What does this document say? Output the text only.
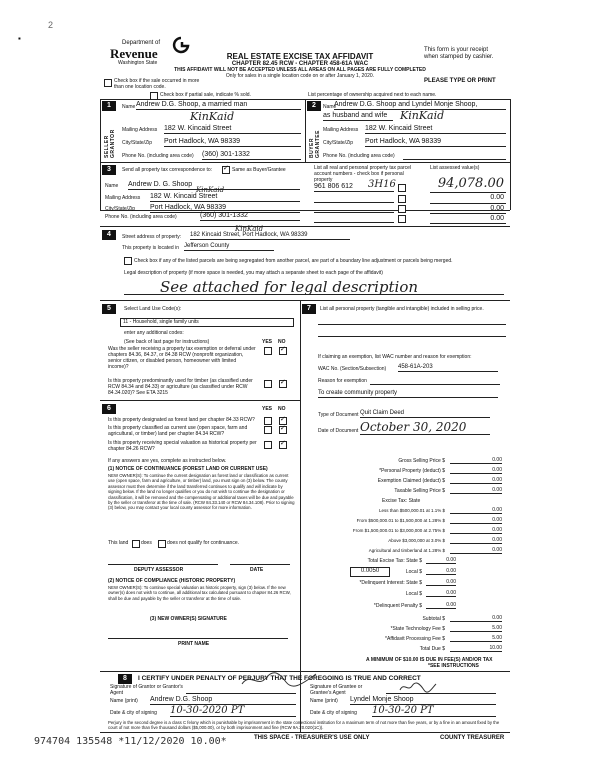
2
▪	Department of
Revenue
Washington State
REAL ESTATE EXCISE TAX AFFIDAVIT
CHAPTER 82.45 RCW - CHAPTER 458-61A WAC
THIS AFFIDAVIT WILL NOT BE ACCEPTED UNLESS ALL AREAS ON ALL PAGES ARE FULLY COMPLETED
Only for sales in a single location code on or after January 1, 2020.
This form is your receipt when stamped by cashier.
PLEASE TYPE OR PRINT
Check box if the sale occurred in more than one location code.
Check box if partial sale, indicate % sold.	List percentage of ownership acquired next to each name.
1
SELLER GRANTOR
Name Andrew D.G. Shoop, a married man
KinKaid
Mailing Address 182 W. Kincaid Street
City/State/Zip Port Hadlock, WA 98339
Phone No. (including area code) (360) 301-1332
2
BUYER GRANTEE
Name
Andrew D.G. Shoop and Lyndel Monje Shoop,
as husband and wife	KinKaid
Mailing Address 182 W. Kincaid Street
City/State/Zip Port Hadlock, WA 98339
Phone No. (including area code)
3	Send all property tax correspondence to: ✓	Same as Buyer/Grantee
Name Andrew D. G. Shoop
KinKaid
Mailing Address 182 W. Kincaid Street
City/State/Zip Port Hadlock, WA 98339
Phone No. (including area code)	(360) 301-1332
List all real and personal property tax parcel account numbers - check box if personal property
List assessed value(s)
961 806 612	3H16	94,078.00
0.00
0.00
0.00
4	Street address of property: 182 Kincaid Street, Port Hadlock, WA 98339
KinKaid
This property is located in Jefferson County
Check box if any of the listed parcels are being segregated from another parcel, are part of a boundary line adjustment or parcels being merged.
Legal description of property (if more space is needed, you may attach a separate sheet to each page of the affidavit)
See attached for legal description
5	Select Land Use Code(s):
11 - Household, single family units
enter any additional codes:
(See back of last page for instructions)	YES NO
Was the seller receiving a property tax exemption or deferral under chapters 84.36, 84.37, or 84.38 RCW (nonprofit organization, senior citizen, or disabled person, homeowner with limited income)?
✓
Is this property predominantly used for timber (as classified under RCW 84.34 and 84.33) or agriculture (as classified under RCW 84.34.020)? See ETA 3215
✓
7	List all personal property (tangible and intangible) included in selling price.
If claiming an exemption, list WAC number and reason for exemption:
WAC No. (Section/Subsection) 458-61A-203
Reason for exemption
To create community property
6	YES NO
Is this property designated as forest land per chapter 84.33 RCW?
✓
Is this property classified as current use (open space, farm and agricultural, or timber) land per chapter 84.34 RCW?
✓
Is this property receiving special valuation as historical property per chapter 84.26 RCW?
✓
If any answers are yes, complete as instructed below.
(1) NOTICE OF CONTINUANCE (FOREST LAND OR CURRENT USE)
NEW OWNER(S): To continue the current designation as forest land or classification as current use (open space, farm and agriculture, or timber) land, you must sign on (3) below. The county assessor must then determine if the land transferred continues to qualify and will indicate by signing below. If the land no longer qualifies or you do not wish to continue the designation or classification, it will be removed and the compensating or additional taxes will be due and payable by the seller or transferor at the time of sale. (RCW 84.33.140 or RCW 84.34.108). Prior to signing (3) below, you may contact your local county assessor for more information.
This land	does	does not qualify for continuance.
DEPUTY ASSESSOR	DATE
(2) NOTICE OF COMPLIANCE (HISTORIC PROPERTY)
NEW OWNER(S): To continue special valuation as historic property, sign (3) below. If the new owner(s) does not wish to continue, all additional tax calculated pursuant to chapter 84.26 RCW, shall be due and payable by the seller or transferor at the time of sale.
(3) NEW OWNER(S) SIGNATURE
PRINT NAME
Type of Document Quit Claim Deed
Date of Document October 30, 2020
Gross Selling Price $	0.00
*Personal Property (deduct) $	0.00
Exemption Claimed (deduct) $	0.00
Taxable Selling Price $	0.00
Excise Tax: State
Less than $500,000.01 at 1.1% $	0.00
From $500,000.01 to $1,500,000 at 1.28% $	0.00
From $1,500,000.01 to $3,000,000 at 2.75% $	0.00
Above $3,000,000 at 3.0% $	0.00
Agricultural and timberland at 1.28% $	0.00
Total Excise Tax: State $	0.00
0.0050	Local $	0.00
*Delinquent Interest: State $	0.00
Local $	0.00
*Delinquent Penalty $	0.00
Subtotal $	0.00
*State Technology Fee $	5.00
*Affidavit Processing Fee $	5.00
Total Due $	10.00
A MINIMUM OF $10.00 IS DUE IN FEE(S) AND/OR TAX
*SEE INSTRUCTIONS
8	I CERTIFY UNDER PENALTY OF PERJURY THAT THE FOREGOING IS TRUE AND CORRECT
Signature of Grantor or Grantor's Agent
Signature of Grantee or Grantee's Agent
Name (print) Andrew D.G. Shoop	Name (print) Lyndel Monje Shoop
Date & city of signing 10-30-2020 PT	Date & city of signing 10-30-20 PT
Perjury in the second degree is a class C felony which is punishable by imprisonment in the state correctional institution for a maximum term of not more than five years, or by a fine in an amount fixed by the court of not more than five thousand dollars ($5,000.00), or by both imprisonment and fine (RCW 9A.20.020(1C)).
THIS SPACE - TREASURER'S USE ONLY	COUNTY TREASURER
974704 135548 *11/12/2020 10.00*
